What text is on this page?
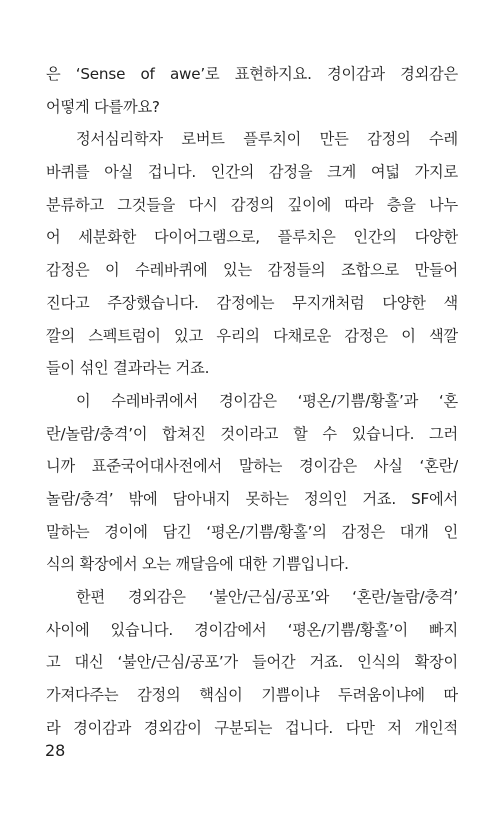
은 ‘Sense of awe’로 표현하지요. 경이감과 경외감은
어떻게 다를까요?
정서심리학자 로버트 플루치이 만든 감정의 수레
바퀴를 아실 겁니다. 인간의 감정을 크게 여덟 가지로
분류하고 그것들을 다시 감정의 깊이에 따라 층을 나누
어 세분화한 다이어그램으로, 플루치은 인간의 다양한
감정은 이 수레바퀴에 있는 감정들의 조합으로 만들어
진다고 주장했습니다. 감정에는 무지개처럼 다양한 색
깔의 스펙트럼이 있고 우리의 다채로운 감정은 이 색깔
들이 섞인 결과라는 거죠.
이 수레바퀴에서 경이감은 ‘평온/기쁨/황홀’과 ‘혼
란/놀람/충격’이 합쳐진 것이라고 할 수 있습니다. 그러
니까 표준국어대사전에서 말하는 경이감은 사실 ‘혼란/
놀람/충격’ 밖에 담아내지 못하는 정의인 거죠. SF에서
말하는 경이에 담긴 ‘평온/기쁨/황홀’의 감정은 대개 인
식의 확장에서 오는 깨달음에 대한 기쁨입니다.
한편 경외감은 ‘불안/근심/공포’와 ‘혼란/놀람/충격’
사이에 있습니다. 경이감에서 ‘평온/기쁨/황홀’이 빠지
고 대신 ‘불안/근심/공포’가 들어간 거죠. 인식의 확장이
가져다주는 감정의 핵심이 기쁨이냐 두려움이냐에 따
라 경이감과 경외감이 구분되는 겁니다. 다만 저 개인적
28
